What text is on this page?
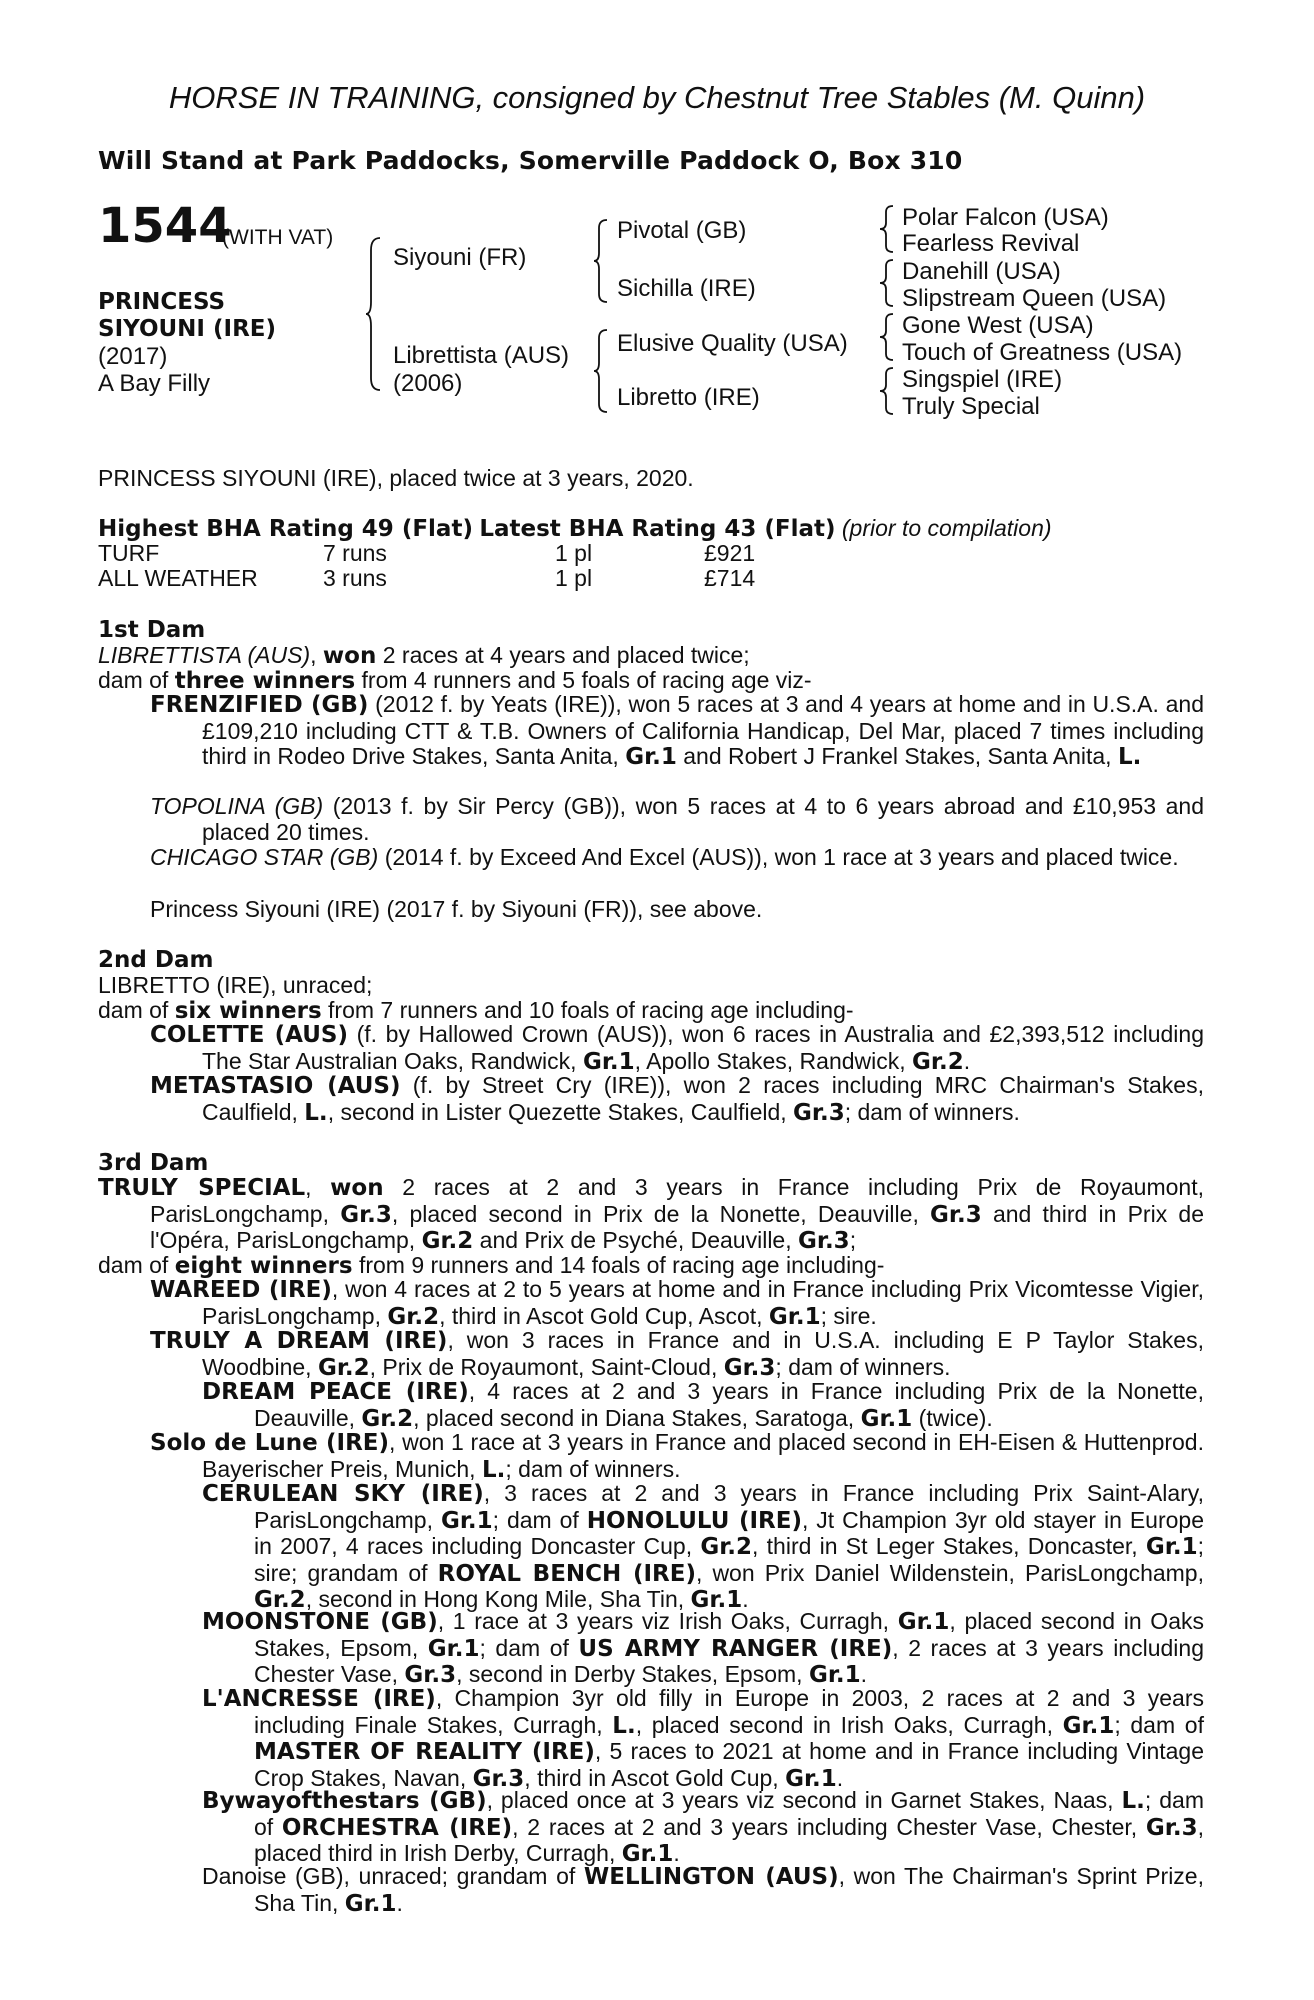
HORSE IN TRAINING, consigned by Chestnut Tree Stables (M. Quinn)
Will Stand at Park Paddocks, Somerville Paddock O, Box 310
1544
(WITH VAT)
PRINCESS
SIYOUNI (IRE)
(2017)
A Bay Filly
Siyouni (FR)
Librettista (AUS)
(2006)
Pivotal (GB)
Sichilla (IRE)
Elusive Quality (USA)
Libretto (IRE)
Polar Falcon (USA)
Fearless Revival
Danehill (USA)
Slipstream Queen (USA)
Gone West (USA)
Touch of Greatness (USA)
Singspiel (IRE)
Truly Special
PRINCESS SIYOUNI (IRE), placed twice at 3 years, 2020.
Highest BHA Rating 49 (Flat) Latest BHA Rating 43 (Flat) (prior to compilation)
TURF	7 runs	1 pl	£921
ALL WEATHER	3 runs	1 pl	£714
1st Dam
LIBRETTISTA (AUS), won 2 races at 4 years and placed twice;
dam of three winners from 4 runners and 5 foals of racing age viz-

FRENZIFIED (GB) (2012 f. by Yeats (IRE)), won 5 races at 3 and 4 years at home and in U.S.A. and £109,210 including CTT & T.B. Owners of California Handicap, Del Mar, placed 7 times including third in Rodeo Drive Stakes, Santa Anita, Gr.1 and Robert J Frankel Stakes, Santa Anita, L.

TOPOLINA (GB) (2013 f. by Sir Percy (GB)), won 5 races at 4 to 6 years abroad and £10,953 and placed 20 times.

CHICAGO STAR (GB) (2014 f. by Exceed And Excel (AUS)), won 1 race at 3 years and placed twice.

Princess Siyouni (IRE) (2017 f. by Siyouni (FR)), see above.
2nd Dam
LIBRETTO (IRE), unraced;
dam of six winners from 7 runners and 10 foals of racing age including-

COLETTE (AUS) (f. by Hallowed Crown (AUS)), won 6 races in Australia and £2,393,512 including The Star Australian Oaks, Randwick, Gr.1, Apollo Stakes, Randwick, Gr.2.

METASTASIO (AUS) (f. by Street Cry (IRE)), won 2 races including MRC Chairman's Stakes, Caulfield, L., second in Lister Quezette Stakes, Caulfield, Gr.3; dam of winners.

3rd Dam

TRULY SPECIAL, won 2 races at 2 and 3 years in France including Prix de Royaumont, ParisLongchamp, Gr.3, placed second in Prix de la Nonette, Deauville, Gr.3 and third in Prix de l'Opéra, ParisLongchamp, Gr.2 and Prix de Psyché, Deauville, Gr.3;

dam of eight winners from 9 runners and 14 foals of racing age including-

WAREED (IRE), won 4 races at 2 to 5 years at home and in France including Prix Vicomtesse Vigier, ParisLongchamp, Gr.2, third in Ascot Gold Cup, Ascot, Gr.1; sire.

TRULY A DREAM (IRE), won 3 races in France and in U.S.A. including E P Taylor Stakes, Woodbine, Gr.2, Prix de Royaumont, Saint-Cloud, Gr.3; dam of winners.

DREAM PEACE (IRE), 4 races at 2 and 3 years in France including Prix de la Nonette, Deauville, Gr.2, placed second in Diana Stakes, Saratoga, Gr.1 (twice).

Solo de Lune (IRE), won 1 race at 3 years in France and placed second in EH-Eisen & Huttenprod. Bayerischer Preis, Munich, L.; dam of winners.

CERULEAN SKY (IRE), 3 races at 2 and 3 years in France including Prix Saint-Alary, ParisLongchamp, Gr.1; dam of HONOLULU (IRE), Jt Champion 3yr old stayer in Europe in 2007, 4 races including Doncaster Cup, Gr.2, third in St Leger Stakes, Doncaster, Gr.1; sire; grandam of ROYAL BENCH (IRE), won Prix Daniel Wildenstein, ParisLongchamp, Gr.2, second in Hong Kong Mile, Sha Tin, Gr.1.

MOONSTONE (GB), 1 race at 3 years viz Irish Oaks, Curragh, Gr.1, placed second in Oaks Stakes, Epsom, Gr.1; dam of US ARMY RANGER (IRE), 2 races at 3 years including Chester Vase, Gr.3, second in Derby Stakes, Epsom, Gr.1.

L'ANCRESSE (IRE), Champion 3yr old filly in Europe in 2003, 2 races at 2 and 3 years including Finale Stakes, Curragh, L., placed second in Irish Oaks, Curragh, Gr.1; dam of MASTER OF REALITY (IRE), 5 races to 2021 at home and in France including Vintage Crop Stakes, Navan, Gr.3, third in Ascot Gold Cup, Gr.1.

Bywayofthestars (GB), placed once at 3 years viz second in Garnet Stakes, Naas, L.; dam of ORCHESTRA (IRE), 2 races at 2 and 3 years including Chester Vase, Chester, Gr.3, placed third in Irish Derby, Curragh, Gr.1.

Danoise (GB), unraced; grandam of WELLINGTON (AUS), won The Chairman's Sprint Prize, Sha Tin, Gr.1.
